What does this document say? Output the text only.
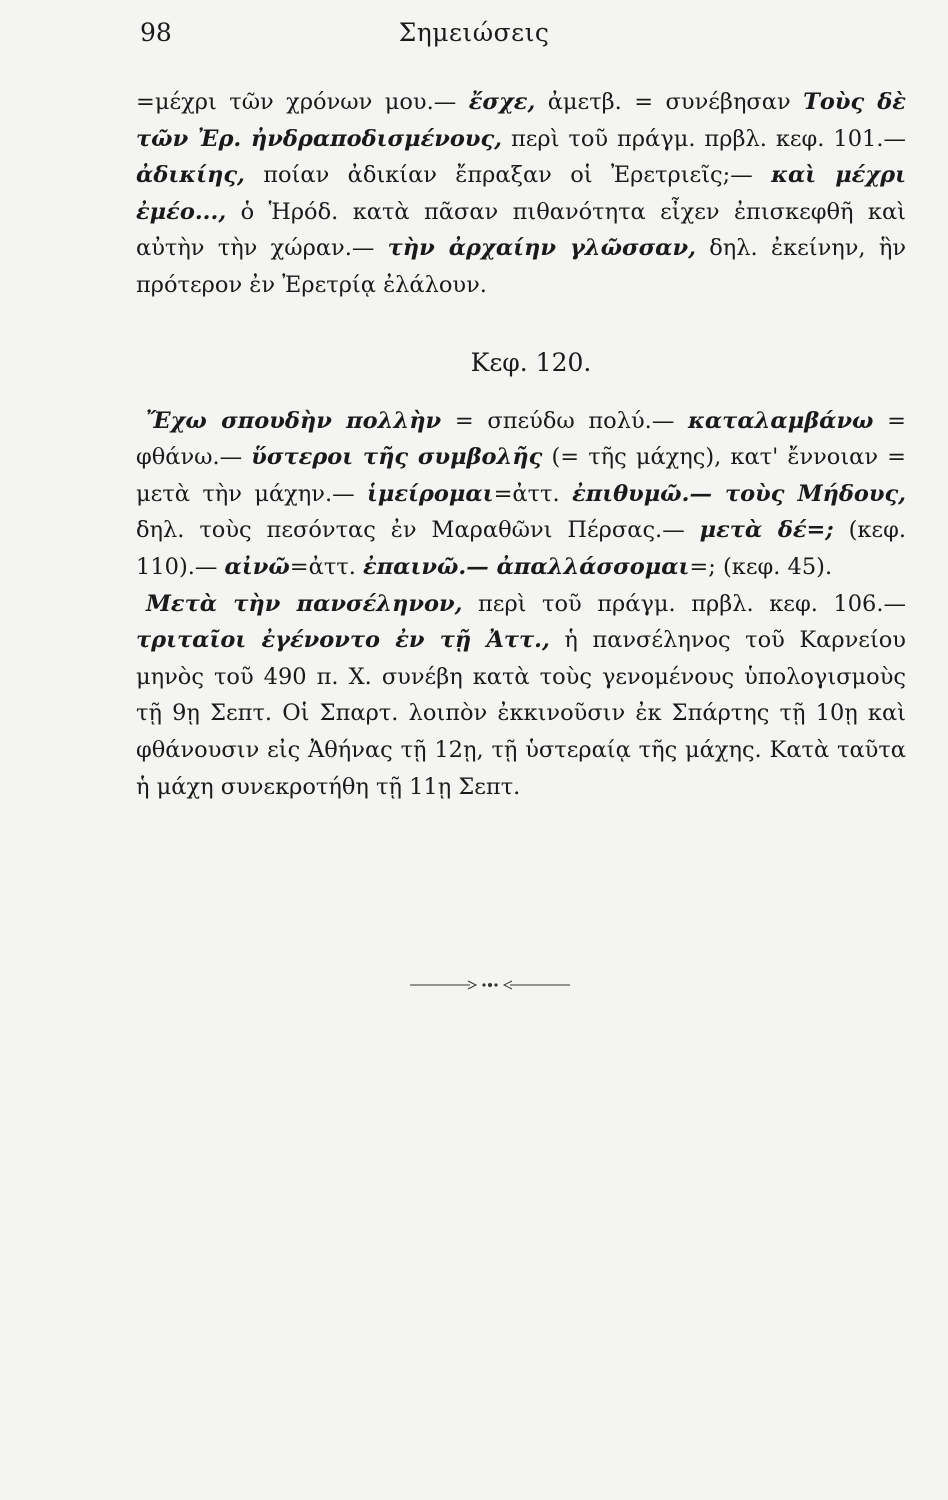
98	Σημειώσεις

=μέχρι τῶν χρόνων μου.— ἔσχε, ἀμετβ. = συνέβησαν Τοὺς δὲ τῶν Ἐρ. ἠνδραποδισμένους, περὶ τοῦ πράγμ. πρβλ. κεφ. 101.— ἀδικίης, ποίαν ἀδικίαν ἔπραξαν οἱ Ἐρετριεῖς;— καὶ μέχρι ἐμέο..., ὁ Ἡρόδ. κατὰ πᾶσαν πιθανότητα εἶχεν ἐπισκεφθῆ καὶ αὐτὴν τὴν χώραν.— τὴν ἀρχαίην γλῶσσαν, δηλ. ἐκείνην, ἣν πρότερον ἐν Ἐρετρίᾳ ἐλάλουν.

Κεφ. 120.

Ἔχω σπουδὴν πολλὴν = σπεύδω πολύ.— καταλαμβάνω = φθάνω.— ὕστεροι τῆς συμβολῆς (= τῆς μάχης), κατ' ἔννοιαν = μετὰ τὴν μάχην.— ἱμείρομαι=ἀττ. ἐπιθυμῶ.— τοὺς Μήδους, δηλ. τοὺς πεσόντας ἐν Μαραθῶνι Πέρσας.— μετὰ δέ=; (κεφ. 110).— αἰνῶ=ἀττ. ἐπαινῶ.— ἀπαλλάσσομαι=; (κεφ. 45).

Μετὰ τὴν πανσέληνον, περὶ τοῦ πράγμ. πρβλ. κεφ. 106.— τριταῖοι ἐγένοντο ἐν τῇ Ἀττ., ἡ πανσέληνος τοῦ Καρνείου μηνὸς τοῦ 490 π. Χ. συνέβη κατὰ τοὺς γενομένους ὑπολογισμοὺς τῇ 9ῃ Σεπτ. Οἱ Σπαρτ. λοιπὸν ἐκκινοῦσιν ἐκ Σπάρτης τῇ 10ῃ καὶ φθάνουσιν εἰς Ἀθήνας τῇ 12ῃ, τῇ ὑστεραίᾳ τῆς μάχης. Κατὰ ταῦτα ἡ μάχη συνεκροτήθη τῇ 11ῃ Σεπτ.
